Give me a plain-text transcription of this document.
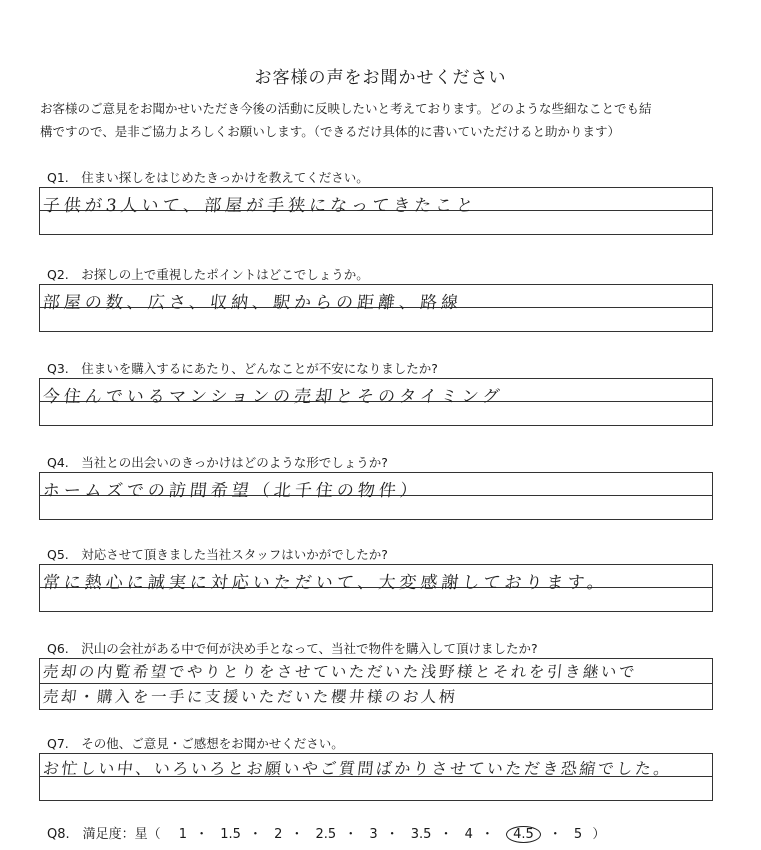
お客様の声をお聞かせください
お客様のご意見をお聞かせいただき今後の活動に反映したいと考えております。どのような些細なことでも結
構ですので、是非ご協力よろしくお願いします。（できるだけ具体的に書いていただけると助かります）
Q1.　住まい探しをはじめたきっかけを教えてください。
子供が3人いて、部屋が手狭になってきたこと
Q2.　お探しの上で重視したポイントはどこでしょうか。
部屋の数、広さ、収納、駅からの距離、路線
Q3.　住まいを購入するにあたり、どんなことが不安になりましたか?
今住んでいるマンションの売却とそのタイミング
Q4.　当社との出会いのきっかけはどのような形でしょうか?
ホームズでの訪問希望（北千住の物件）
Q5.　対応させて頂きました当社スタッフはいかがでしたか?
常に熱心に誠実に対応いただいて、大変感謝しております。
Q6.　沢山の会社がある中で何が決め手となって、当社で物件を購入して頂けましたか?
売却の内覧希望でやりとりをさせていただいた浅野様とそれを引き継いで
売却・購入を一手に支援いただいた櫻井様のお人柄
Q7.　その他、ご意見・ご感想をお聞かせください。
お忙しい中、いろいろとお願いやご質問ばかりさせていただき恐縮でした。
Q8.　満足度：星（ 1 ・ 1.5 ・ 2 ・ 2.5 ・ 3 ・ 3.5 ・ 4 ・ 4.5 ・ 5 ）
